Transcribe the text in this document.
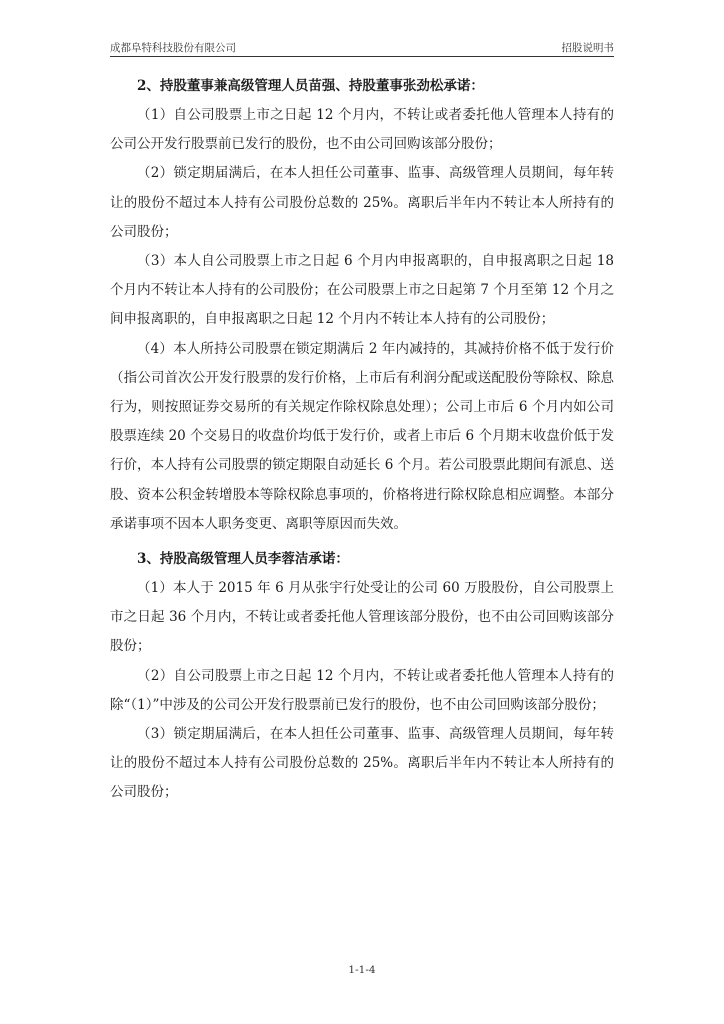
成都阜特科技股份有限公司	招股说明书

2、持股董事兼高级管理人员苗强、持股董事张劲松承诺：

（1）自公司股票上市之日起 12 个月内，不转让或者委托他人管理本人持有的公司公开发行股票前已发行的股份，也不由公司回购该部分股份；

（2）锁定期届满后，在本人担任公司董事、监事、高级管理人员期间，每年转让的股份不超过本人持有公司股份总数的 25%。离职后半年内不转让本人所持有的公司股份；

（3）本人自公司股票上市之日起 6 个月内申报离职的，自申报离职之日起 18 个月内不转让本人持有的公司股份；在公司股票上市之日起第 7 个月至第 12 个月之间申报离职的，自申报离职之日起 12 个月内不转让本人持有的公司股份；

（4）本人所持公司股票在锁定期满后 2 年内减持的，其减持价格不低于发行价（指公司首次公开发行股票的发行价格，上市后有利润分配或送配股份等除权、除息行为，则按照证券交易所的有关规定作除权除息处理）；公司上市后 6 个月内如公司股票连续 20 个交易日的收盘价均低于发行价，或者上市后 6 个月期末收盘价低于发行价，本人持有公司股票的锁定期限自动延长 6 个月。若公司股票此期间有派息、送股、资本公积金转增股本等除权除息事项的，价格将进行除权除息相应调整。本部分承诺事项不因本人职务变更、离职等原因而失效。

3、持股高级管理人员李蓉洁承诺：

（1）本人于 2015 年 6 月从张宇行处受让的公司 60 万股股份，自公司股票上市之日起 36 个月内，不转让或者委托他人管理该部分股份，也不由公司回购该部分股份；

（2）自公司股票上市之日起 12 个月内，不转让或者委托他人管理本人持有的除“（1）”中涉及的公司公开发行股票前已发行的股份，也不由公司回购该部分股份；

（3）锁定期届满后，在本人担任公司董事、监事、高级管理人员期间，每年转让的股份不超过本人持有公司股份总数的 25%。离职后半年内不转让本人所持有的公司股份；

1-1-4
